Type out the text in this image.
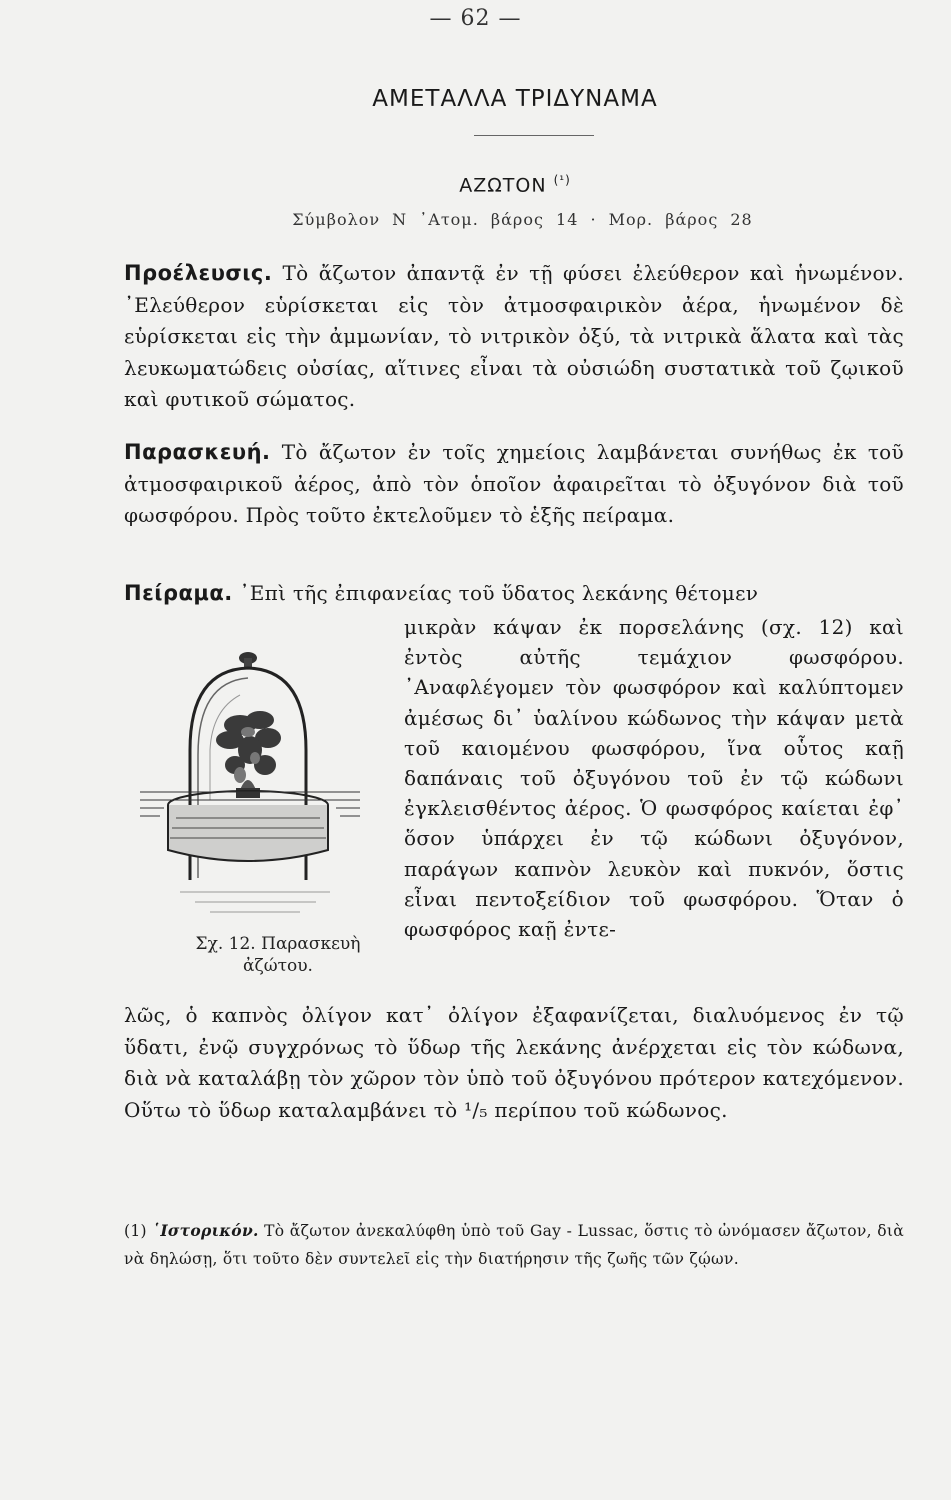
— 62 —
ΑΜΕΤΑΛΛΑ ΤΡΙΔΥΝΑΜΑ
ΑΖΩΤΟΝ $^{(^1)}$
Σύμβολον Ν ᾿Ατομ. βάρος 14 · Μορ. βάρος 28
Προέλευσις. Τὸ ἄζωτον ἀπαντᾷ ἐν τῇ φύσει ἐλεύθερον καὶ ἡνωμένον. ᾿Ελεύθερον εὑρίσκεται εἰς τὸν ἀτμοσφαιρικὸν ἀέρα, ἡνωμένον δὲ εὑρίσκεται εἰς τὴν ἀμμωνίαν, τὸ νιτρικὸν ὀξύ, τὰ νιτρικὰ ἅλατα καὶ τὰς λευκωματώδεις οὐσίας, αἵτινες εἶναι τὰ οὐσιώδη συστατικὰ τοῦ ζῳικοῦ καὶ φυτικοῦ σώματος.
Παρασκευή. Τὸ ἄζωτον ἐν τοῖς χημείοις λαμβάνεται συνήθως ἐκ τοῦ ἀτμοσφαιρικοῦ ἀέρος, ἀπὸ τὸν ὁποῖον ἀφαιρεῖται τὸ ὀξυγόνον διὰ τοῦ φωσφόρου. Πρὸς τοῦτο ἐκτελοῦμεν τὸ ἑξῆς πείραμα.
Πείραμα. ᾿Επὶ τῆς ἐπιφανείας τοῦ ὕδατος λεκάνης θέτομεν
μικρὰν κάψαν ἐκ πορσελάνης (σχ. 12) καὶ ἐντὸς αὐτῆς τεμάχιον φωσφόρου. ᾿Αναφλέγομεν τὸν φωσφόρον καὶ καλύπτομεν ἀμέσως δι᾿ ὑαλίνου κώδωνος τὴν κάψαν μετὰ τοῦ καιομένου φωσφόρου, ἵνα οὗτος καῇ δαπάναις τοῦ ὀξυγόνου τοῦ ἐν τῷ κώδωνι ἐγκλεισθέντος ἀέρος. Ὁ φωσφόρος καίεται ἐφ᾿ ὅσον ὑπάρχει ἐν τῷ κώδωνι ὀξυγόνον, παράγων καπνὸν λευκὸν καὶ πυκνόν, ὅστις εἶναι πεντοξείδιον τοῦ φωσφόρου. Ὅταν ὁ φωσφόρος καῇ ἐντε-
Σχ. 12. Παρασκευὴ
ἀζώτου.
λῶς, ὁ καπνὸς ὀλίγον κατ᾿ ὀλίγον ἐξαφανίζεται, διαλυόμενος ἐν τῷ ὕδατι, ἐνῷ συγχρόνως τὸ ὕδωρ τῆς λεκάνης ἀνέρχεται εἰς τὸν κώδωνα, διὰ νὰ καταλάβῃ τὸν χῶρον τὸν ὑπὸ τοῦ ὀξυγόνου πρότερον κατεχόμενον. Οὕτω τὸ ὕδωρ καταλαμβάνει τὸ ¹/₅ περίπου τοῦ κώδωνος.
(1) ῾Ιστορικόν. Τὸ ἄζωτον ἀνεκαλύφθη ὑπὸ τοῦ Gay - Lussac, ὅστις τὸ ὠνόμασεν ἄζωτον, διὰ νὰ δηλώσῃ, ὅτι τοῦτο δὲν συντελεῖ εἰς τὴν διατήρησιν τῆς ζωῆς τῶν ζῴων.
